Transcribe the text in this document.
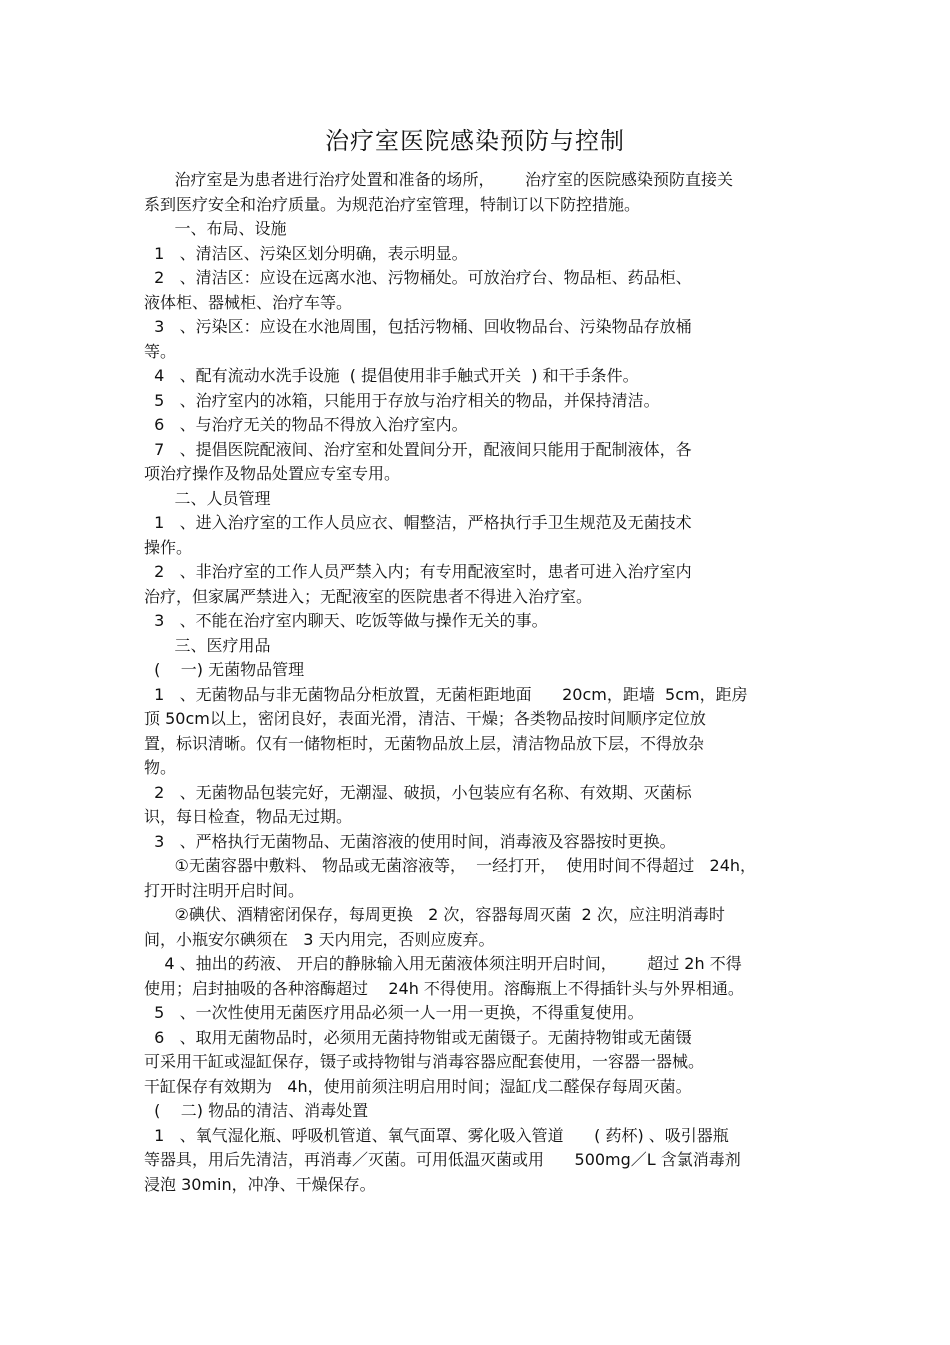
治疗室医院感染预防与控制
治疗室是为患者进行治疗处置和准备的场所，      治疗室的医院感染预防直接关
系到医疗安全和治疗质量。为规范治疗室管理，特制订以下防控措施。
一、布局、设施
1   、清洁区、污染区划分明确，表示明显。
2   、清洁区：应设在远离水池、污物桶处。可放治疗台、物品柜、药品柜、
液体柜、器械柜、治疗车等。
3   、污染区：应设在水池周围，包括污物桶、回收物品台、污染物品存放桶
等。
4   、配有流动水洗手设施  ( 提倡使用非手触式开关  ) 和干手条件。
5   、治疗室内的冰箱，只能用于存放与治疗相关的物品，并保持清洁。
6   、与治疗无关的物品不得放入治疗室内。
7   、提倡医院配液间、治疗室和处置间分开，配液间只能用于配制液体，各
项治疗操作及物品处置应专室专用。
二、人员管理
1   、进入治疗室的工作人员应衣、帽整洁，严格执行手卫生规范及无菌技术
操作。
2   、非治疗室的工作人员严禁入内；有专用配液室时，患者可进入治疗室内
治疗，但家属严禁进入；无配液室的医院患者不得进入治疗室。
3   、不能在治疗室内聊天、吃饭等做与操作无关的事。
三、医疗用品
(    一) 无菌物品管理
1   、无菌物品与非无菌物品分柜放置，无菌柜距地面      20cm，距墙  5cm，距房
顶 50cm以上，密闭良好，表面光滑，清洁、干燥；各类物品按时间顺序定位放
置，标识清晰。仅有一储物柜时，无菌物品放上层，清洁物品放下层，不得放杂
物。
2   、无菌物品包装完好，无潮湿、破损，小包装应有名称、有效期、灭菌标
识，每日检查，物品无过期。
3   、严格执行无菌物品、无菌溶液的使用时间，消毒液及容器按时更换。
①无菌容器中敷料、 物品或无菌溶液等，  一经打开，  使用时间不得超过   24h，
打开时注明开启时间。
②碘伏、酒精密闭保存，每周更换   2 次，容器每周灭菌  2 次，应注明消毒时
间，小瓶安尔碘须在   3 天内用完，否则应废弃。
4 、抽出的药液、 开启的静脉输入用无菌液体须注明开启时间，      超过 2h 不得
使用；启封抽吸的各种溶酶超过    24h 不得使用。溶酶瓶上不得插针头与外界相通。
5   、一次性使用无菌医疗用品必须一人一用一更换，不得重复使用。
6   、取用无菌物品时，必须用无菌持物钳或无菌镊子。无菌持物钳或无菌镊
可采用干缸或湿缸保存，镊子或持物钳与消毒容器应配套使用，一容器一器械。
干缸保存有效期为   4h，使用前须注明启用时间；湿缸戊二醛保存每周灭菌。
(    二) 物品的清洁、消毒处置
1   、氧气湿化瓶、呼吸机管道、氧气面罩、雾化吸入管道      ( 药杯) 、吸引器瓶
等器具，用后先清洁，再消毒／灭菌。可用低温灭菌或用      500mg／L 含氯消毒剂
浸泡 30min，冲净、干燥保存。
